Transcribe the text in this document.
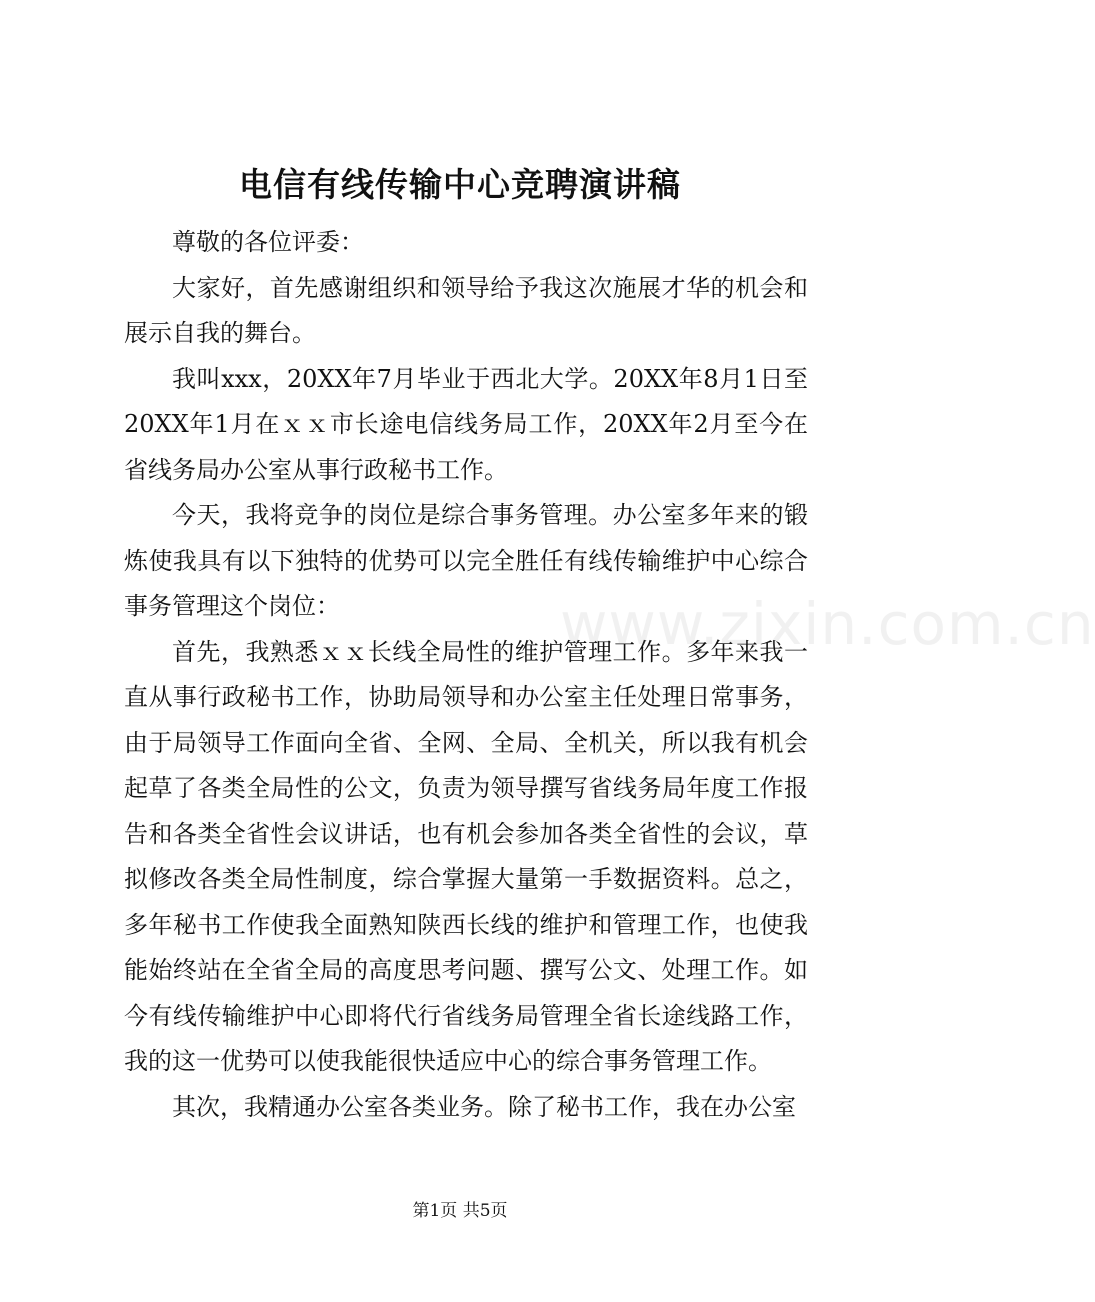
电信有线传输中心竞聘演讲稿

尊敬的各位评委：

大家好，首先感谢组织和领导给予我这次施展才华的机会和展示自我的舞台。

我叫xxx，20XX年7月毕业于西北大学。20XX年8月1日至20XX年1月在ｘｘ市长途电信线务局工作，20XX年2月至今在省线务局办公室从事行政秘书工作。

今天，我将竞争的岗位是综合事务管理。办公室多年来的锻炼使我具有以下独特的优势可以完全胜任有线传输维护中心综合事务管理这个岗位：

首先，我熟悉ｘｘ长线全局性的维护管理工作。多年来我一直从事行政秘书工作，协助局领导和办公室主任处理日常事务，由于局领导工作面向全省、全网、全局、全机关，所以我有机会起草了各类全局性的公文，负责为领导撰写省线务局年度工作报告和各类全省性会议讲话，也有机会参加各类全省性的会议，草拟修改各类全局性制度，综合掌握大量第一手数据资料。总之，多年秘书工作使我全面熟知陕西长线的维护和管理工作，也使我能始终站在全省全局的高度思考问题、撰写公文、处理工作。如今有线传输维护中心即将代行省线务局管理全省长途线路工作，我的这一优势可以使我能很快适应中心的综合事务管理工作。

其次，我精通办公室各类业务。除了秘书工作，我在办公室

www.zixin.com.cn
第1页 共5页
